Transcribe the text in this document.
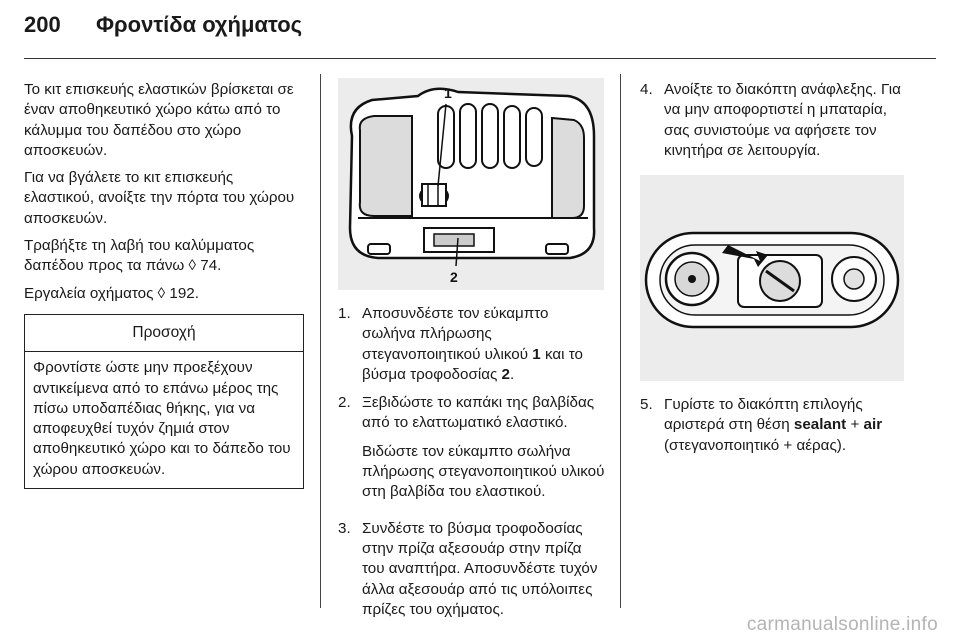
200	Φροντίδα οχήματος

Το κιτ επισκευής ελαστικών βρίσκεται σε έναν αποθηκευτικό χώρο κάτω από το κάλυμμα του δαπέδου στο χώρο αποσκευών.

Για να βγάλετε το κιτ επισκευής ελαστικού, ανοίξτε την πόρτα του χώρου αποσκευών.

Τραβήξτε τη λαβή του καλύμματος δαπέδου προς τα πάνω ◊ 74.

Εργαλεία οχήματος ◊ 192.

Προσοχή
Φροντίστε ώστε μην προεξέχουν αντικείμενα από το επάνω μέρος της πίσω υποδαπέδιας θήκης, για να αποφευχθεί τυχόν ζημιά στον αποθηκευτικό χώρο και το δάπεδο του χώρου αποσκευών.
1
2
1. Αποσυνδέστε τον εύκαμπτο σωλήνα πλήρωσης στεγανοποιητικού υλικού 1 και το βύσμα τροφοδοσίας 2.
2. Ξεβιδώστε το καπάκι της βαλβίδας από το ελαττωματικό ελαστικό.

Βιδώστε τον εύκαμπτο σωλήνα πλήρωσης στεγανοποιητικού υλικού στη βαλβίδα του ελαστικού.

3. Συνδέστε το βύσμα τροφοδοσίας στην πρίζα αξεσουάρ στην πρίζα του αναπτήρα. Αποσυνδέστε τυχόν άλλα αξεσουάρ από τις υπόλοιπες πρίζες του οχήματος.
4. Ανοίξτε το διακόπτη ανάφλεξης. Για να μην αποφορτιστεί η μπαταρία, σας συνιστούμε να αφήσετε τον κινητήρα σε λειτουργία.
5. Γυρίστε το διακόπτη επιλογής αριστερά στη θέση sealant + air (στεγανοποιητικό + αέρας).
carmanualsonline.info
